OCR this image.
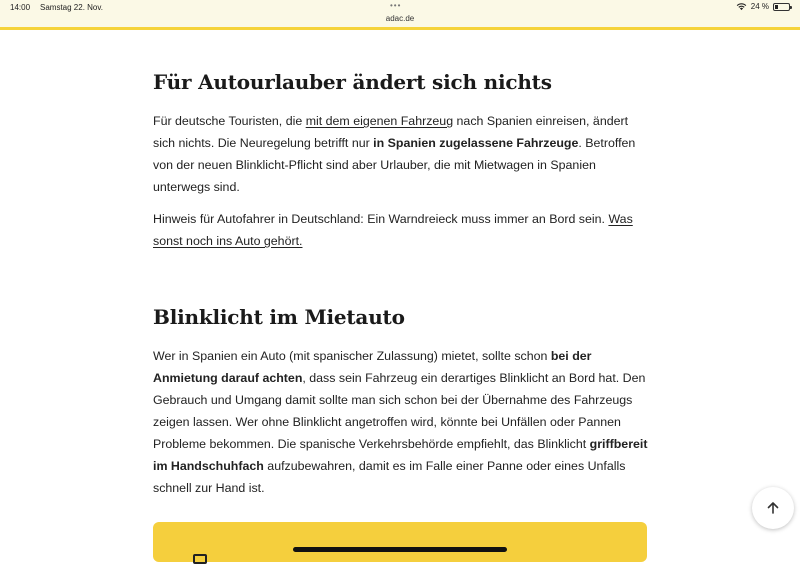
14:00 Samstag 22. Nov.	•••
adac.de
24 %
Für Autourlauber ändert sich nichts

Für deutsche Touristen, die mit dem eigenen Fahrzeug nach Spanien einreisen, ändert sich nichts. Die Neuregelung betrifft nur in Spanien zugelassene Fahrzeuge. Betroffen von der neuen Blinklicht-Pflicht sind aber Urlauber, die mit Mietwagen in Spanien unterwegs sind.

Hinweis für Autofahrer in Deutschland: Ein Warndreieck muss immer an Bord sein. Was sonst noch ins Auto gehört.

Blinklicht im Mietauto

Wer in Spanien ein Auto (mit spanischer Zulassung) mietet, sollte schon bei der Anmietung darauf achten, dass sein Fahrzeug ein derartiges Blinklicht an Bord hat. Den Gebrauch und Umgang damit sollte man sich schon bei der Übernahme des Fahrzeugs zeigen lassen. Wer ohne Blinklicht angetroffen wird, könnte bei Unfällen oder Pannen Probleme bekommen. Die spanische Verkehrsbehörde empfiehlt, das Blinklicht griffbereit im Handschuhfach aufzubewahren, damit es im Falle einer Panne oder eines Unfalls schnell zur Hand ist.
